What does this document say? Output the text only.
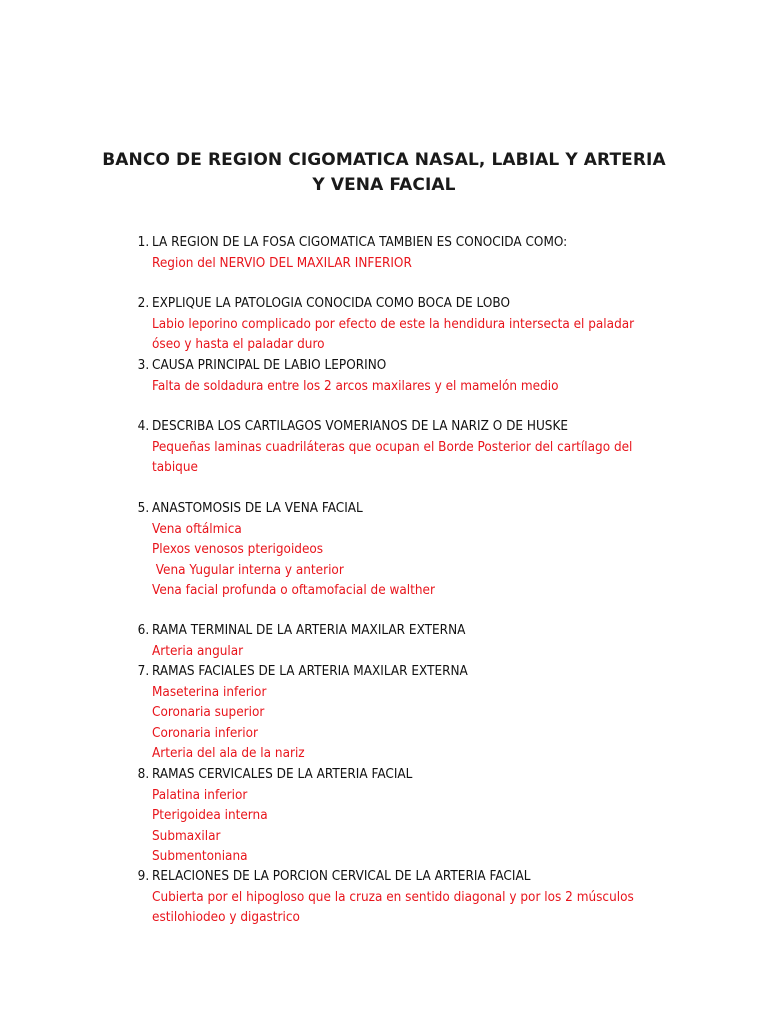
BANCO DE REGION CIGOMATICA NASAL, LABIAL Y ARTERIA Y VENA FACIAL
1. LA REGION DE LA FOSA CIGOMATICA TAMBIEN ES CONOCIDA COMO:
Region del NERVIO DEL MAXILAR INFERIOR
2. EXPLIQUE LA PATOLOGIA CONOCIDA COMO BOCA DE LOBO
Labio leporino complicado por efecto de este la hendidura intersecta el paladar óseo y hasta el paladar duro
3. CAUSA PRINCIPAL DE LABIO LEPORINO
Falta de soldadura entre los 2 arcos maxilares y el mamelón medio
4. DESCRIBA LOS CARTILAGOS VOMERIANOS DE LA NARIZ O DE HUSKE
Pequeñas laminas cuadriláteras que ocupan el Borde Posterior del cartílago del tabique
5. ANASTOMOSIS DE LA VENA FACIAL
Vena oftálmica
Plexos venosos pterigoideos
Vena Yugular interna y anterior
Vena facial profunda o oftamofacial de walther
6. RAMA TERMINAL DE LA ARTERIA MAXILAR EXTERNA
Arteria angular
7. RAMAS FACIALES DE LA ARTERIA MAXILAR EXTERNA
Maseterina inferior
Coronaria superior
Coronaria inferior
Arteria del ala de la nariz
8. RAMAS CERVICALES DE LA ARTERIA FACIAL
Palatina inferior
Pterigoidea interna
Submaxilar
Submentoniana
9. RELACIONES DE LA PORCION CERVICAL DE LA ARTERIA FACIAL
Cubierta por el hipogloso que la cruza en sentido diagonal y por los 2 músculos estilohiodeo y digastrico
